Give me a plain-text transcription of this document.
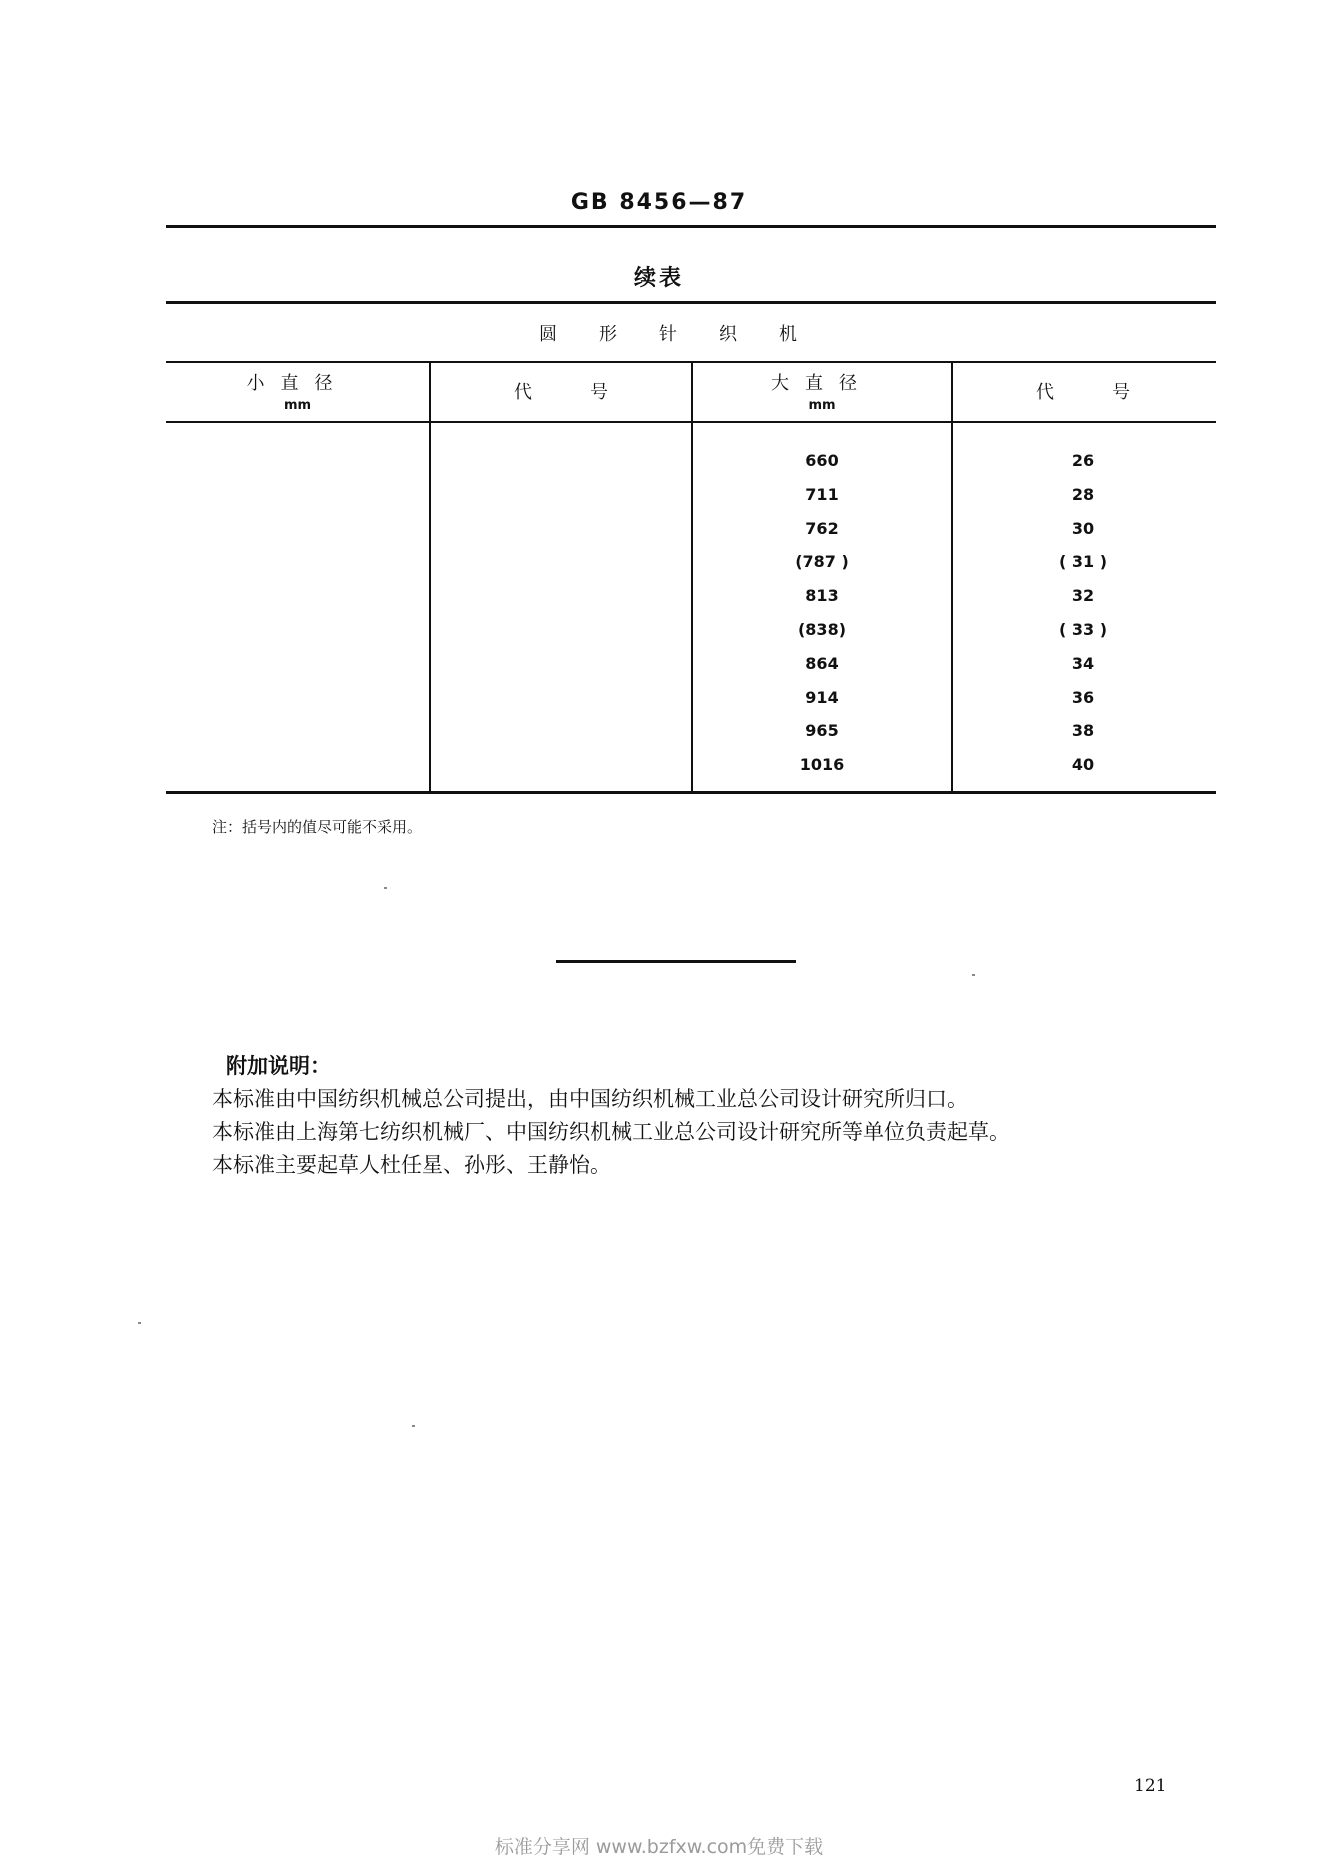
GB 8456—87
续表
圆形针织机
小直径
mm
代号	大直径
mm
代号
660
711
762
(787 )
813
(838)
864
914
965
1016
26
28
30
( 31 )
32
( 33 )
34
36
38
40
注：括号内的值尽可能不采用。
附加说明：
本标准由中国纺织机械总公司提出，由中国纺织机械工业总公司设计研究所归口。
本标准由上海第七纺织机械厂、中国纺织机械工业总公司设计研究所等单位负责起草。
本标准主要起草人杜任星、孙彤、王静怡。
121
标准分享网 www.bzfxw.com免费下载
